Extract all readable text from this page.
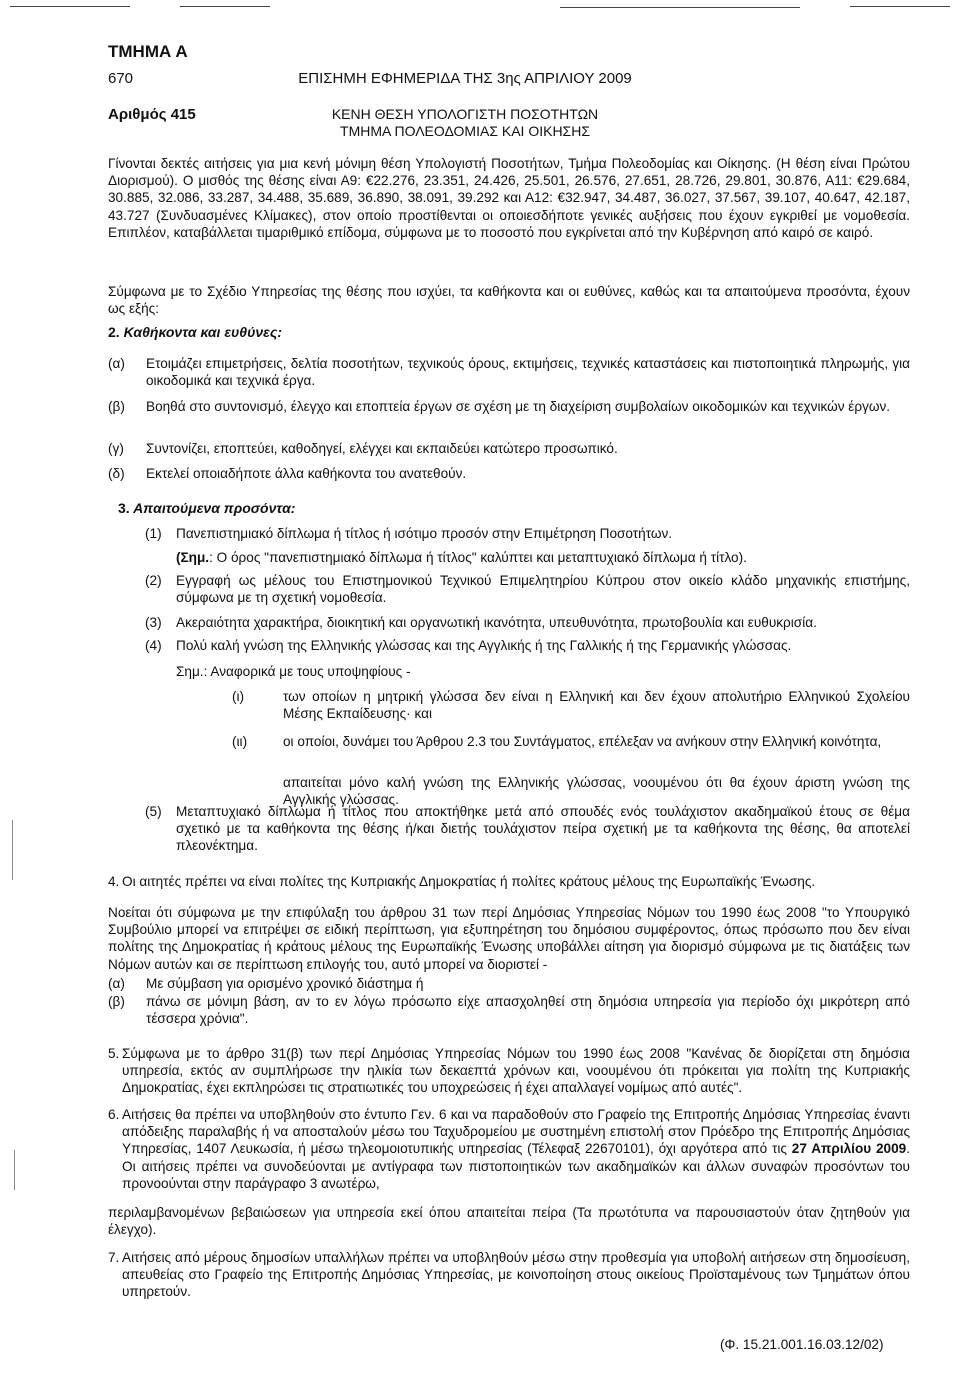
ΤΜΗΜΑ Α
670	ΕΠΙΣΗΜΗ ΕΦΗΜΕΡΙΔΑ ΤΗΣ 3ης ΑΠΡΙΛΙΟΥ 2009
Αριθμός 415	ΚΕΝΗ ΘΕΣΗ ΥΠΟΛΟΓΙΣΤΗ ΠΟΣΟΤΗΤΩΝ
ΤΜΗΜΑ ΠΟΛΕΟΔΟΜΙΑΣ ΚΑΙ ΟΙΚΗΣΗΣ
Γίνονται δεκτές αιτήσεις για μια κενή μόνιμη θέση Υπολογιστή Ποσοτήτων, Τμήμα Πολεοδομίας και Οίκησης. (Η θέση είναι Πρώτου Διορισμού). Ο μισθός της θέσης είναι Α9: €22.276, 23.351, 24.426, 25.501, 26.576, 27.651, 28.726, 29.801, 30.876, Α11: €29.684, 30.885, 32.086, 33.287, 34.488, 35.689, 36.890, 38.091, 39.292 και Α12: €32.947, 34.487, 36.027, 37.567, 39.107, 40.647, 42.187, 43.727 (Συνδυασμένες Κλίμακες), στον οποίο προστίθενται οι οποιεσδήποτε γενικές αυξήσεις που έχουν εγκριθεί με νομοθεσία. Επιπλέον, καταβάλλεται τιμαριθμικό επίδομα, σύμφωνα με το ποσοστό που εγκρίνεται από την Κυβέρνηση από καιρό σε καιρό.
Σύμφωνα με το Σχέδιο Υπηρεσίας της θέσης που ισχύει, τα καθήκοντα και οι ευθύνες, καθώς και τα απαιτούμενα προσόντα, έχουν ως εξής:
2. Καθήκοντα και ευθύνες:
(α) Ετοιμάζει επιμετρήσεις, δελτία ποσοτήτων, τεχνικούς όρους, εκτιμήσεις, τεχνικές καταστάσεις και πιστοποιητικά πληρωμής, για οικοδομικά και τεχνικά έργα.
(β) Βοηθά στο συντονισμό, έλεγχο και εποπτεία έργων σε σχέση με τη διαχείριση συμβολαίων οικοδομικών και τεχνικών έργων.
(γ) Συντονίζει, εποπτεύει, καθοδηγεί, ελέγχει και εκπαιδεύει κατώτερο προσωπικό.
(δ) Εκτελεί οποιαδήποτε άλλα καθήκοντα του ανατεθούν.
3. Απαιτούμενα προσόντα:
(1) Πανεπιστημιακό δίπλωμα ή τίτλος ή ισότιμο προσόν στην Επιμέτρηση Ποσοτήτων.
(Σημ.: Ο όρος "πανεπιστημιακό δίπλωμα ή τίτλος" καλύπτει και μεταπτυχιακό δίπλωμα ή τίτλο).
(2) Εγγραφή ως μέλους του Επιστημονικού Τεχνικού Επιμελητηρίου Κύπρου στον οικείο κλάδο μηχανικής επιστήμης, σύμφωνα με τη σχετική νομοθεσία.
(3) Ακεραιότητα χαρακτήρα, διοικητική και οργανωτική ικανότητα, υπευθυνότητα, πρωτοβουλία και ευθυκρισία.
(4) Πολύ καλή γνώση της Ελληνικής γλώσσας και της Αγγλικής ή της Γαλλικής ή της Γερμανικής γλώσσας.
Σημ.: Αναφορικά με τους υποψηφίους -
(ι)	των οποίων η μητρική γλώσσα δεν είναι η Ελληνική και δεν έχουν απολυτήριο Ελληνικού Σχολείου Μέσης Εκπαίδευσης· και
(ιι)	οι οποίοι, δυνάμει του Άρθρου 2.3 του Συντάγματος, επέλεξαν να ανήκουν στην Ελληνική κοινότητα,
απαιτείται μόνο καλή γνώση της Ελληνικής γλώσσας, νοουμένου ότι θα έχουν άριστη γνώση της Αγγλικής γλώσσας.
(5) Μεταπτυχιακό δίπλωμα ή τίτλος που αποκτήθηκε μετά από σπουδές ενός τουλάχιστον ακαδημαϊκού έτους σε θέμα σχετικό με τα καθήκοντα της θέσης ή/και διετής τουλάχιστον πείρα σχετική με τα καθήκοντα της θέσης, θα αποτελεί πλεονέκτημα.
4. Οι αιτητές πρέπει να είναι πολίτες της Κυπριακής Δημοκρατίας ή πολίτες κράτους μέλους της Ευρωπαϊκής Ένωσης.
Νοείται ότι σύμφωνα με την επιφύλαξη του άρθρου 31 των περί Δημόσιας Υπηρεσίας Νόμων του 1990 έως 2008 "το Υπουργικό Συμβούλιο μπορεί να επιτρέψει σε ειδική περίπτωση, για εξυπηρέτηση του δημόσιου συμφέροντος, όπως πρόσωπο που δεν είναι πολίτης της Δημοκρατίας ή κράτους μέλους της Ευρωπαϊκής Ένωσης υποβάλλει αίτηση για διορισμό σύμφωνα με τις διατάξεις των Νόμων αυτών και σε περίπτωση επιλογής του, αυτό μπορεί να διοριστεί -
(α) Με σύμβαση για ορισμένο χρονικό διάστημα ή
(β) πάνω σε μόνιμη βάση, αν το εν λόγω πρόσωπο είχε απασχοληθεί στη δημόσια υπηρεσία για περίοδο όχι μικρότερη από τέσσερα χρόνια".
5. Σύμφωνα με το άρθρο 31(β) των περί Δημόσιας Υπηρεσίας Νόμων του 1990 έως 2008 "Κανένας δε διορίζεται στη δημόσια υπηρεσία, εκτός αν συμπλήρωσε την ηλικία των δεκαεπτά χρόνων και, νοουμένου ότι πρόκειται για πολίτη της Κυπριακής Δημοκρατίας, έχει εκπληρώσει τις στρατιωτικές του υποχρεώσεις ή έχει απαλλαγεί νομίμως από αυτές".
6. Αιτήσεις θα πρέπει να υποβληθούν στο έντυπο Γεν. 6 και να παραδοθούν στο Γραφείο της Επιτροπής Δημόσιας Υπηρεσίας έναντι απόδειξης παραλαβής ή να αποσταλούν μέσω του Ταχυδρομείου με συστημένη επιστολή στον Πρόεδρο της Επιτροπής Δημόσιας Υπηρεσίας, 1407 Λευκωσία, ή μέσω τηλεομοιοτυπικής υπηρεσίας (Τέλεφαξ 22670101), όχι αργότερα από τις 27 Απριλίου 2009. Οι αιτήσεις πρέπει να συνοδεύονται με αντίγραφα των πιστοποιητικών των ακαδημαϊκών και άλλων συναφών προσόντων του προνοούνται στην παράγραφο 3 ανωτέρω,
περιλαμβανομένων βεβαιώσεων για υπηρεσία εκεί όπου απαιτείται πείρα (Τα πρωτότυπα να παρουσιαστούν όταν ζητηθούν για έλεγχο).
7. Αιτήσεις από μέρους δημοσίων υπαλλήλων πρέπει να υποβληθούν μέσω στην προθεσμία για υποβολή αιτήσεων στη δημοσίευση, απευθείας στο Γραφείο της Επιτροπής Δημόσιας Υπηρεσίας, με κοινοποίηση στους οικείους Προϊσταμένους των Τμημάτων όπου υπηρετούν.
(Φ. 15.21.001.16.03.12/02)
